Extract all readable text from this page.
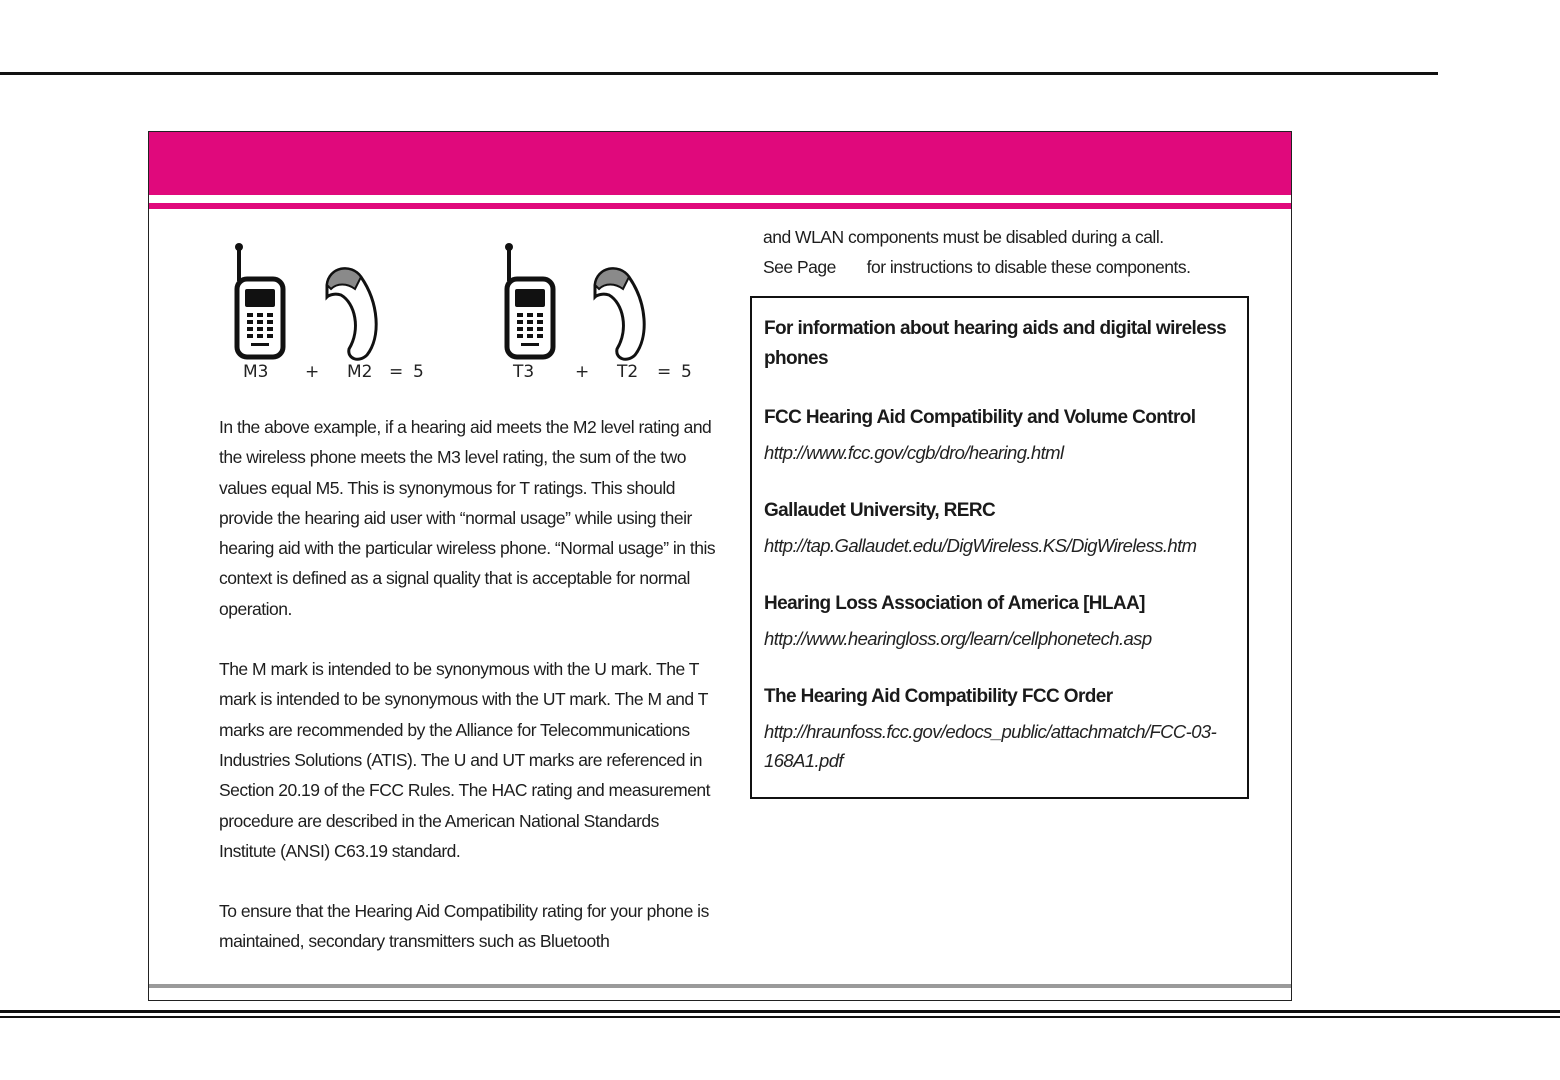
M3 + M2 = 5	T3 + T2 = 5

In the above example, if a hearing aid meets the M2 level rating and the wireless phone meets the M3 level rating, the sum of the two values equal M5. This is synonymous for T ratings. This should provide the hearing aid user with “normal usage” while using their hearing aid with the particular wireless phone. “Normal usage” in this context is defined as a signal quality that is acceptable for normal operation.

The M mark is intended to be synonymous with the U mark. The T mark is intended to be synonymous with the UT mark. The M and T marks are recommended by the Alliance for Telecommunications Industries Solutions (ATIS). The U and UT marks are referenced in Section 20.19 of the FCC Rules. The HAC rating and measurement procedure are described in the American National Standards Institute (ANSI) C63.19 standard.

To ensure that the Hearing Aid Compatibility rating for your phone is maintained, secondary transmitters such as Bluetooth

and WLAN components must be disabled during a call.

See Page for instructions to disable these components.

For information about hearing aids and digital wireless phones

FCC Hearing Aid Compatibility and Volume Control

http://www.fcc.gov/cgb/dro/hearing.html

Gallaudet University, RERC

http://tap.Gallaudet.edu/DigWireless.KS/DigWireless.htm

Hearing Loss Association of America [HLAA]

http://www.hearingloss.org/learn/cellphonetech.asp

The Hearing Aid Compatibility FCC Order

http://hraunfoss.fcc.gov/edocs_public/attachmatch/FCC-03-168A1.pdf
